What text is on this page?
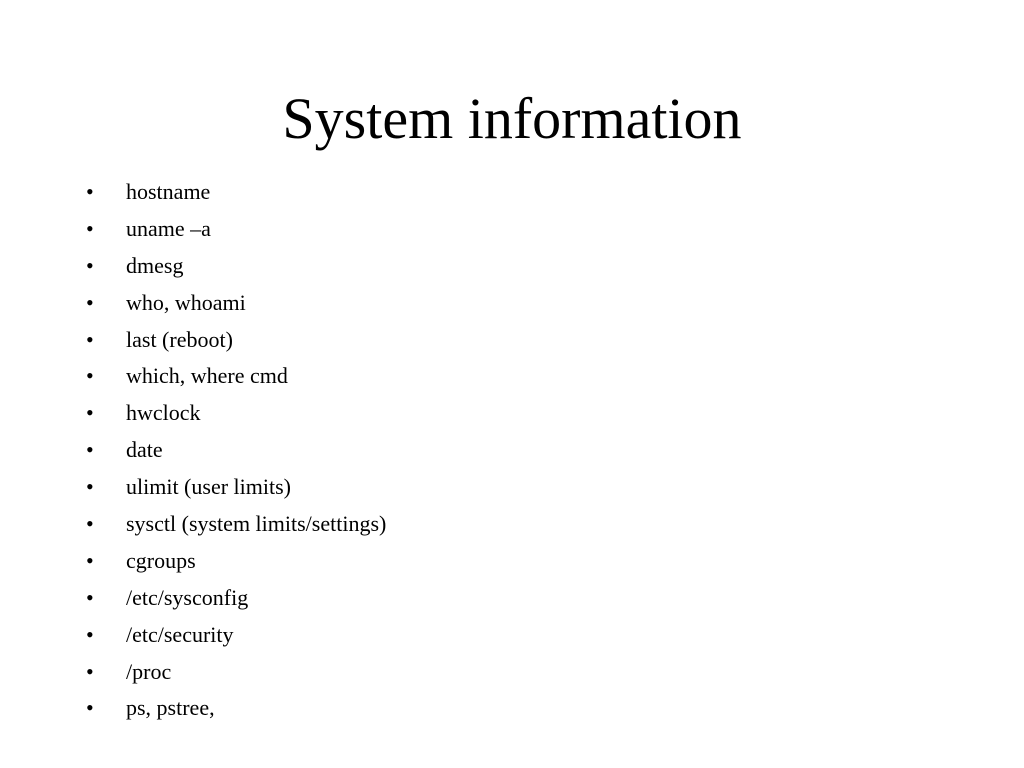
System information
•	hostname
•	uname –a
•	dmesg
•	who, whoami
•	last (reboot)
•	which, where cmd
•	hwclock
•	date
•	ulimit (user limits)
•	sysctl (system limits/settings)
•	cgroups
•	/etc/sysconfig
•	/etc/security
•	/proc
•	ps, pstree,
